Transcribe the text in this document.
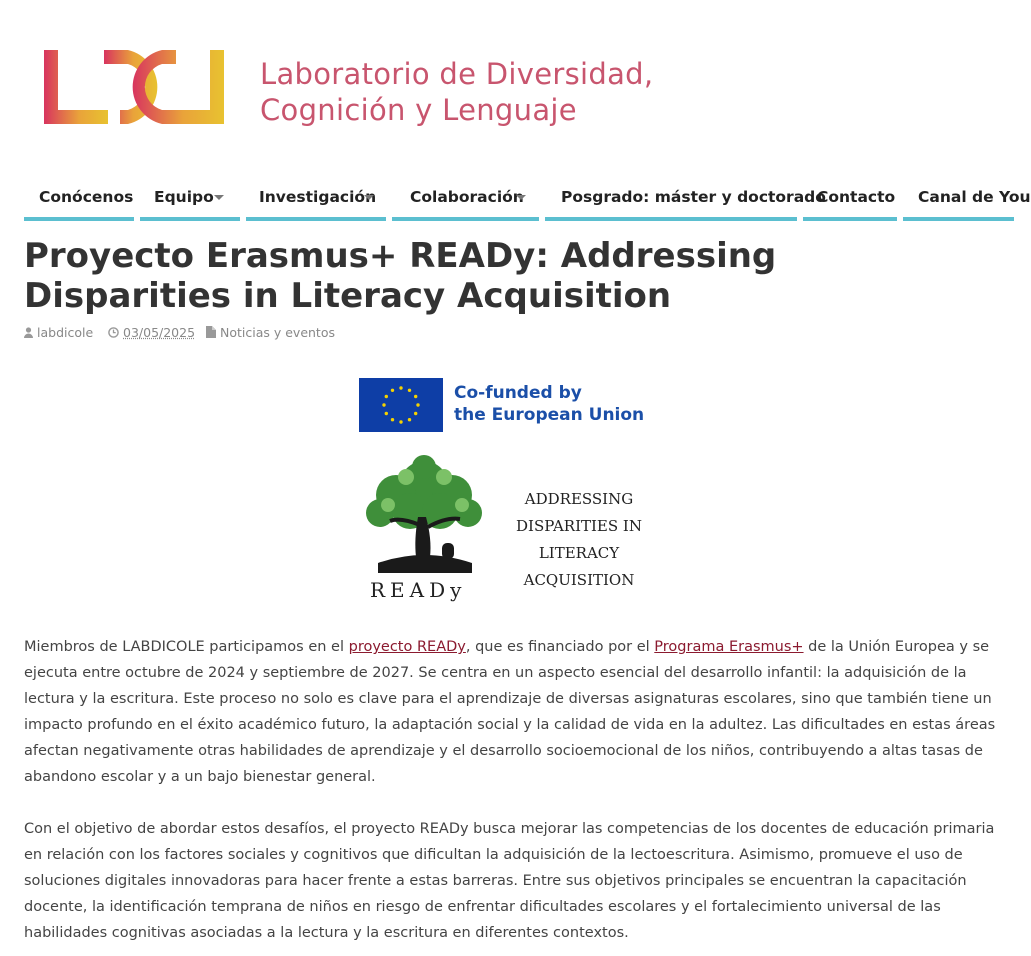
Laboratorio de Diversidad,
Cognición y Lenguaje
Conócenos Equipo	Investigación Colaboración Posgrado: máster y doctorado
Contacto Canal de You
Proyecto Erasmus+ READy: Addressing Disparities in Literacy Acquisition
labdicole	03/05/2025	Noticias y eventos
Co-funded by
the European Union
READy
ADDRESSING
DISPARITIES IN
LITERACY
ACQUISITION

Miembros de LABDICOLE participamos en el proyecto READy, que es financiado por el Programa Erasmus+ de la Unión Europea y se ejecuta entre octubre de 2024 y septiembre de 2027. Se centra en un aspecto esencial del desarrollo infantil: la adquisición de la lectura y la escritura. Este proceso no solo es clave para el aprendizaje de diversas asignaturas escolares, sino que también tiene un impacto profundo en el éxito académico futuro, la adaptación social y la calidad de vida en la adultez. Las dificultades en estas áreas afectan negativamente otras habilidades de aprendizaje y el desarrollo socioemocional de los niños, contribuyendo a altas tasas de abandono escolar y a un bajo bienestar general.

Con el objetivo de abordar estos desafíos, el proyecto READy busca mejorar las competencias de los docentes de educación primaria en relación con los factores sociales y cognitivos que dificultan la adquisición de la lectoescritura. Asimismo, promueve el uso de soluciones digitales innovadoras para hacer frente a estas barreras. Entre sus objetivos principales se encuentran la capacitación docente, la identificación temprana de niños en riesgo de enfrentar dificultades escolares y el fortalecimiento universal de las habilidades cognitivas asociadas a la lectura y la escritura en diferentes contextos.
